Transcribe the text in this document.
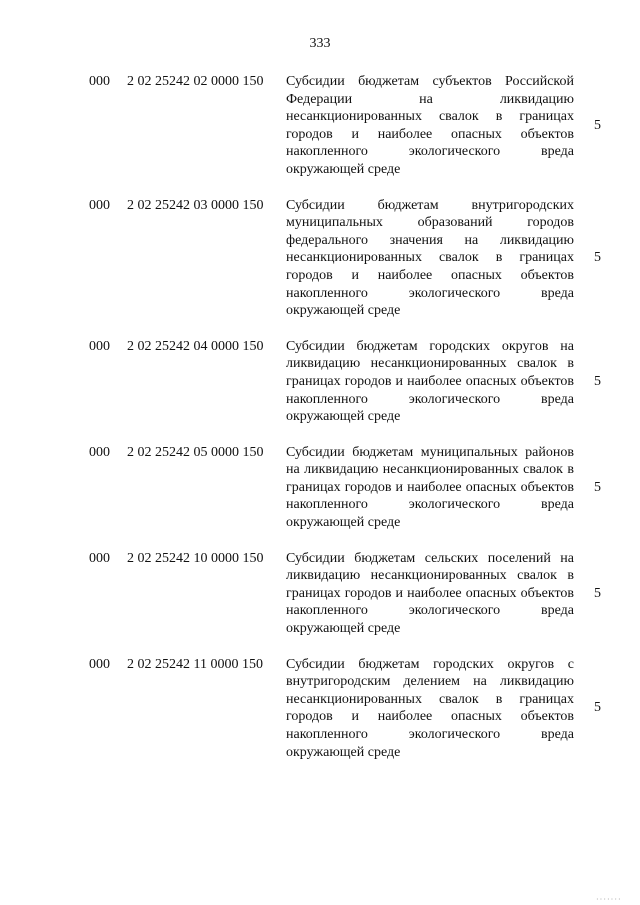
333
000 2 02 25242 02 0000 150 Субсидии бюджетам субъектов Российской Федерации на ликвидацию несанкционированных свалок в границах городов и наиболее опасных объектов накопленного экологического вреда окружающей среде
5
000 2 02 25242 03 0000 150 Субсидии бюджетам внутригородских муниципальных образований городов федерального значения на ликвидацию несанкционированных свалок в границах городов и наиболее опасных объектов накопленного экологического вреда окружающей среде
5
000 2 02 25242 04 0000 150 Субсидии бюджетам городских округов на ликвидацию несанкционированных свалок в границах городов и наиболее опасных объектов накопленного экологического вреда окружающей среде
5
000 2 02 25242 05 0000 150 Субсидии бюджетам муниципальных районов на ликвидацию несанкционированных свалок в границах городов и наиболее опасных объектов накопленного экологического вреда окружающей среде
5
000 2 02 25242 10 0000 150 Субсидии бюджетам сельских поселений на ликвидацию несанкционированных свалок в границах городов и наиболее опасных объектов накопленного экологического вреда окружающей среде
5
000 2 02 25242 11 0000 150 Субсидии бюджетам городских округов с внутригородским делением на ликвидацию несанкционированных свалок в границах городов и наиболее опасных объектов накопленного экологического вреда окружающей среде
5
·······
